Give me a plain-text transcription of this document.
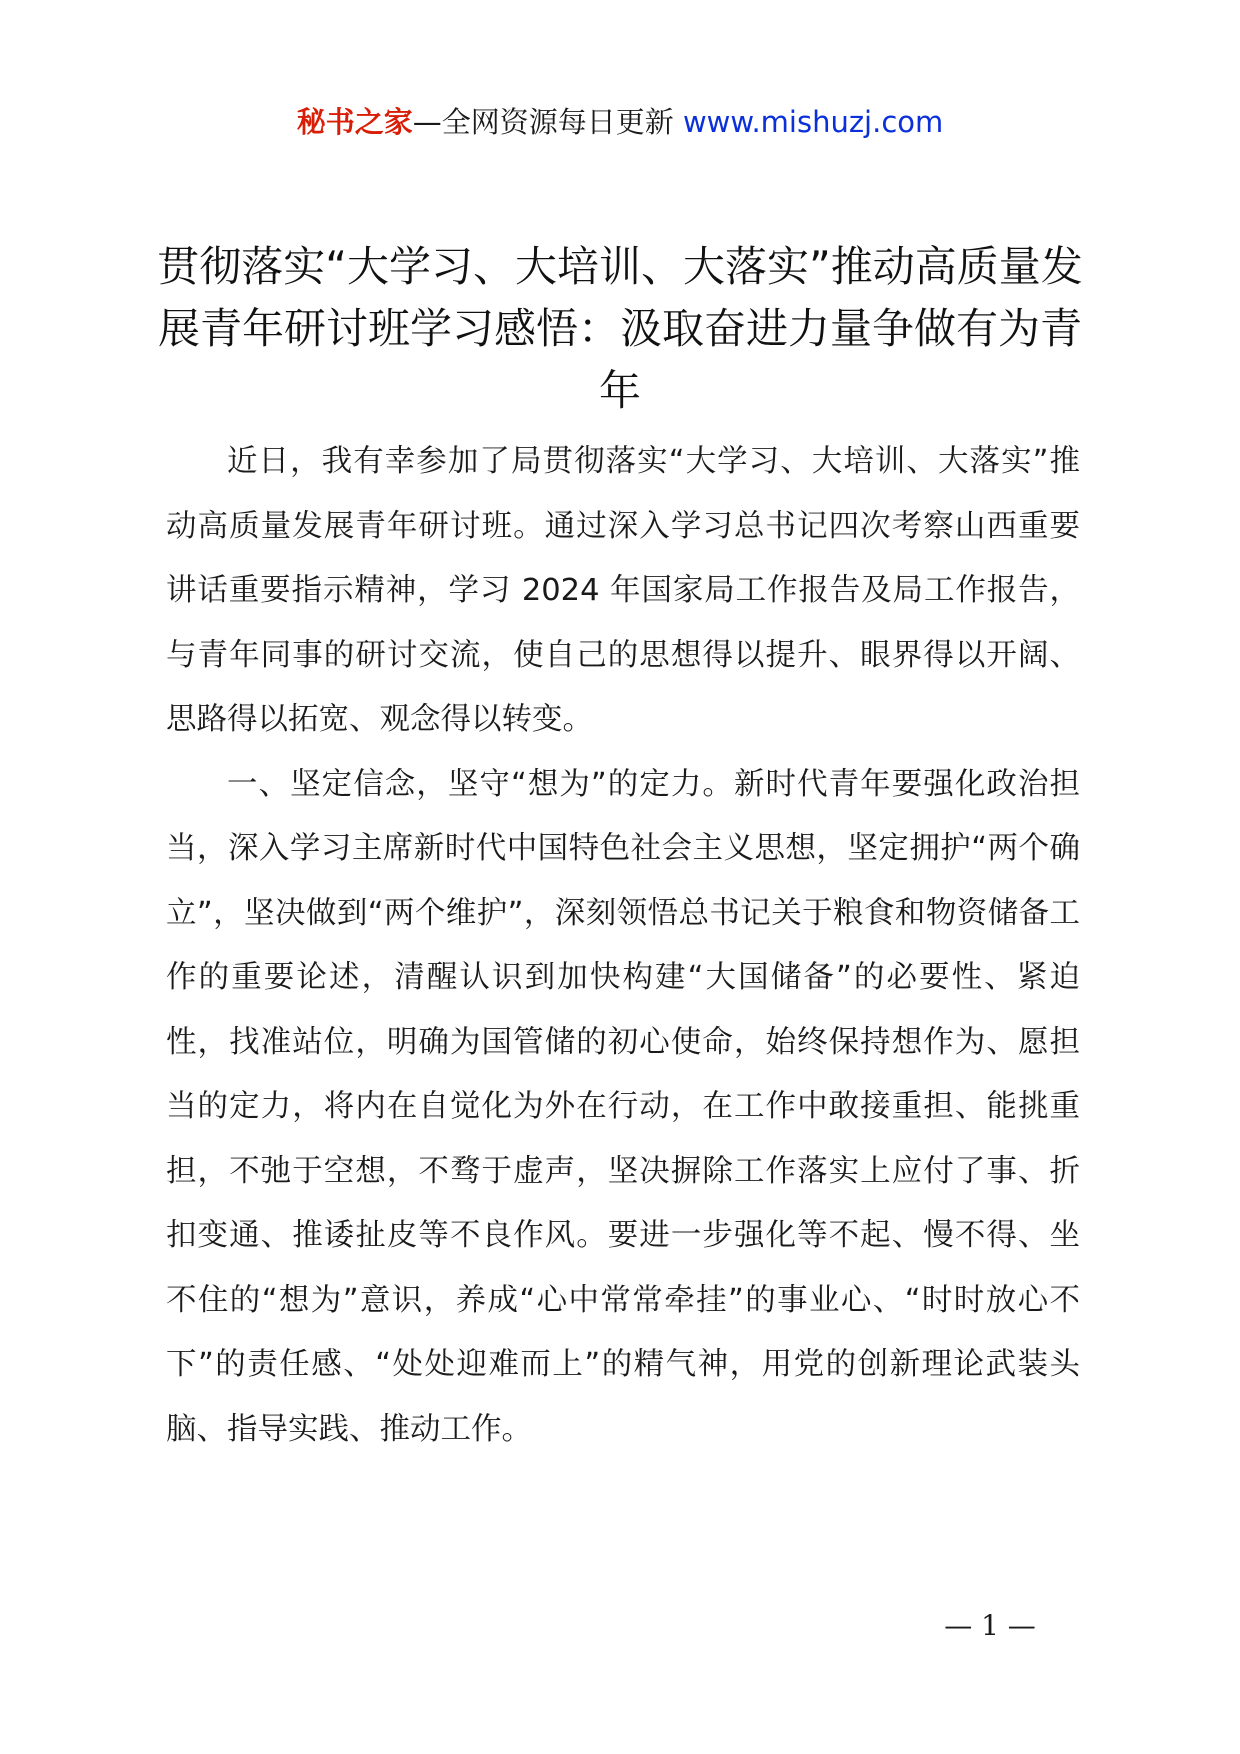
秘书之家—全网资源每日更新 www.mishuzj.com
贯彻落实“大学习、大培训、大落实”推动高质量发展青年研讨班学习感悟：汲取奋进力量争做有为青年

近日，我有幸参加了局贯彻落实“大学习、大培训、大落实”推动高质量发展青年研讨班。通过深入学习总书记四次考察山西重要讲话重要指示精神，学习 2024 年国家局工作报告及局工作报告，与青年同事的研讨交流，使自己的思想得以提升、眼界得以开阔、思路得以拓宽、观念得以转变。

一、坚定信念，坚守“想为”的定力。新时代青年要强化政治担当，深入学习主席新时代中国特色社会主义思想，坚定拥护“两个确立”，坚决做到“两个维护”，深刻领悟总书记关于粮食和物资储备工作的重要论述，清醒认识到加快构建“大国储备”的必要性、紧迫性，找准站位，明确为国管储的初心使命，始终保持想作为、愿担当的定力，将内在自觉化为外在行动，在工作中敢接重担、能挑重担，不弛于空想，不骛于虚声，坚决摒除工作落实上应付了事、折扣变通、推诿扯皮等不良作风。要进一步强化等不起、慢不得、坐不住的“想为”意识，养成“心中常常牵挂”的事业心、“时时放心不下”的责任感、“处处迎难而上”的精气神，用党的创新理论武装头脑、指导实践、推动工作。

— 1 —
